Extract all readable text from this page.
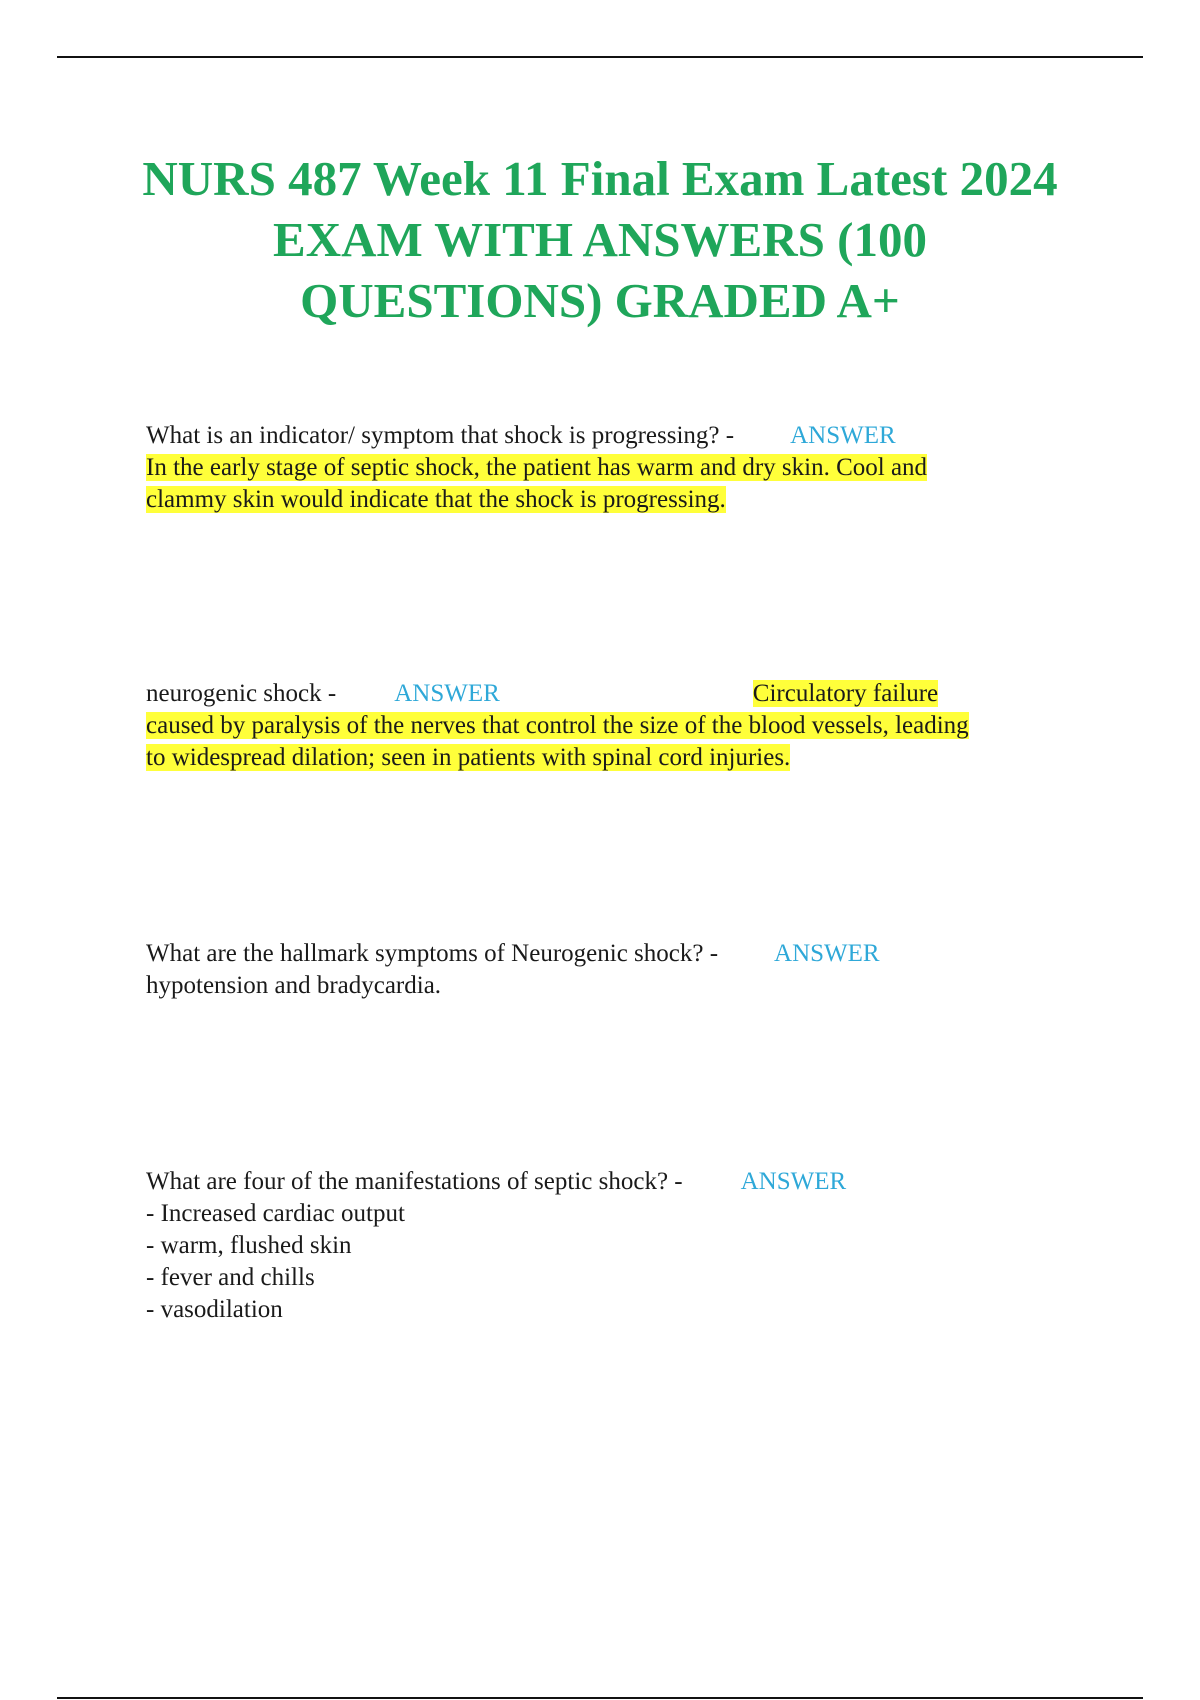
NURS 487 Week 11 Final Exam Latest 2024 EXAM WITH ANSWERS (100 QUESTIONS) GRADED A+
What is an indicator/ symptom that shock is progressing? - ANSWER
In the early stage of septic shock, the patient has warm and dry skin. Cool and
clammy skin would indicate that the shock is progressing.
neurogenic shock - ANSWER	Circulatory failure
caused by paralysis of the nerves that control the size of the blood vessels, leading
to widespread dilation; seen in patients with spinal cord injuries.
What are the hallmark symptoms of Neurogenic shock? - ANSWER
hypotension and bradycardia.
What are four of the manifestations of septic shock? - ANSWER
- Increased cardiac output
- warm, flushed skin
- fever and chills
- vasodilation
